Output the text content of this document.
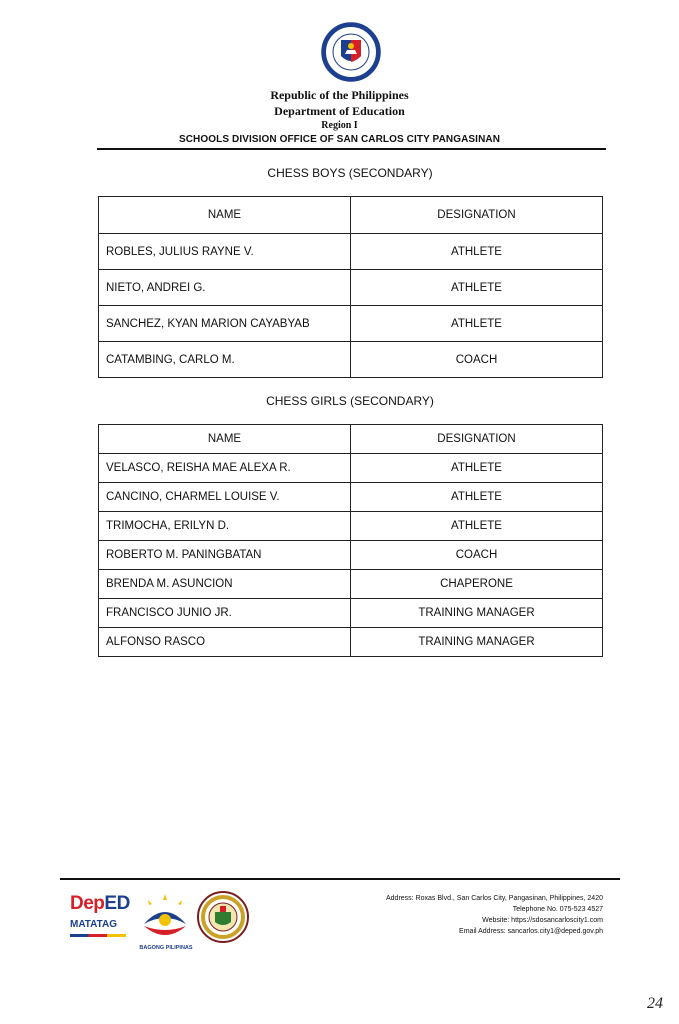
Republic of the Philippines
Department of Education
Region I
SCHOOLS DIVISION OFFICE OF SAN CARLOS CITY PANGASINAN
CHESS BOYS (SECONDARY)
NAME	DESIGNATION
ROBLES, JULIUS RAYNE V.	ATHLETE
NIETO, ANDREI G.	ATHLETE
SANCHEZ, KYAN MARION CAYABYAB	ATHLETE
CATAMBING, CARLO M.	COACH
CHESS GIRLS (SECONDARY)
NAME	DESIGNATION
VELASCO, REISHA MAE ALEXA R.	ATHLETE
CANCINO, CHARMEL LOUISE V.	ATHLETE
TRIMOCHA, ERILYN D.	ATHLETE
ROBERTO M. PANINGBATAN	COACH
BRENDA M. ASUNCION	CHAPERONE
FRANCISCO JUNIO JR.	TRAINING MANAGER
ALFONSO RASCO	TRAINING MANAGER
DepED
MATATAG
BAGONG PILIPINAS
Address: Roxas Blvd., San Carlos City, Pangasinan, Philippines, 2420
Telephone No. 075-523 4527
Website: https://sdosancarloscity1.com
Email Address: sancarlos.city1@deped.gov.ph
24
